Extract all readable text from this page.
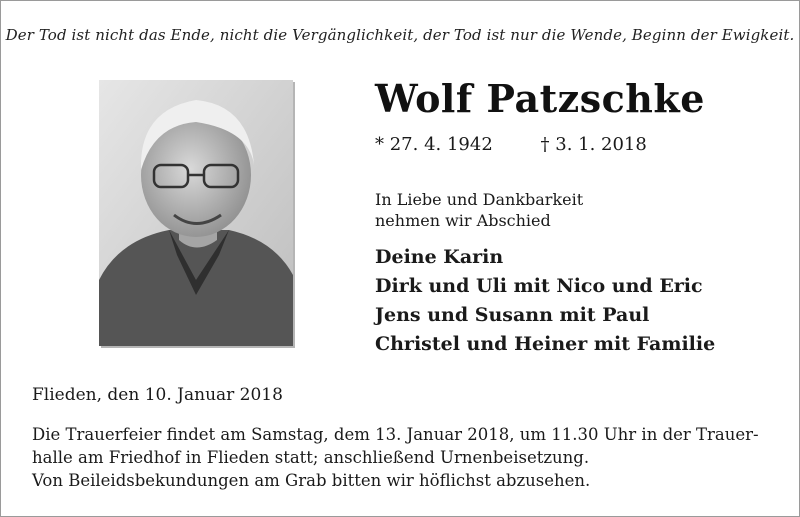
Der Tod ist nicht das Ende, nicht die Vergänglichkeit, der Tod ist nur die Wende, Beginn der Ewigkeit.
Wolf Patzschke
* 27. 4. 1942	† 3. 1. 2018
In Liebe und Dankbarkeit
nehmen wir Abschied
Deine Karin
Dirk und Uli mit Nico und Eric
Jens und Susann mit Paul
Christel und Heiner mit Familie
Flieden, den 10. Januar 2018
Die Trauerfeier findet am Samstag, dem 13. Januar 2018, um 11.30 Uhr in der Trauer-
halle am Friedhof in Flieden statt; anschließend Urnenbeisetzung.
Von Beileidsbekundungen am Grab bitten wir höflichst abzusehen.
